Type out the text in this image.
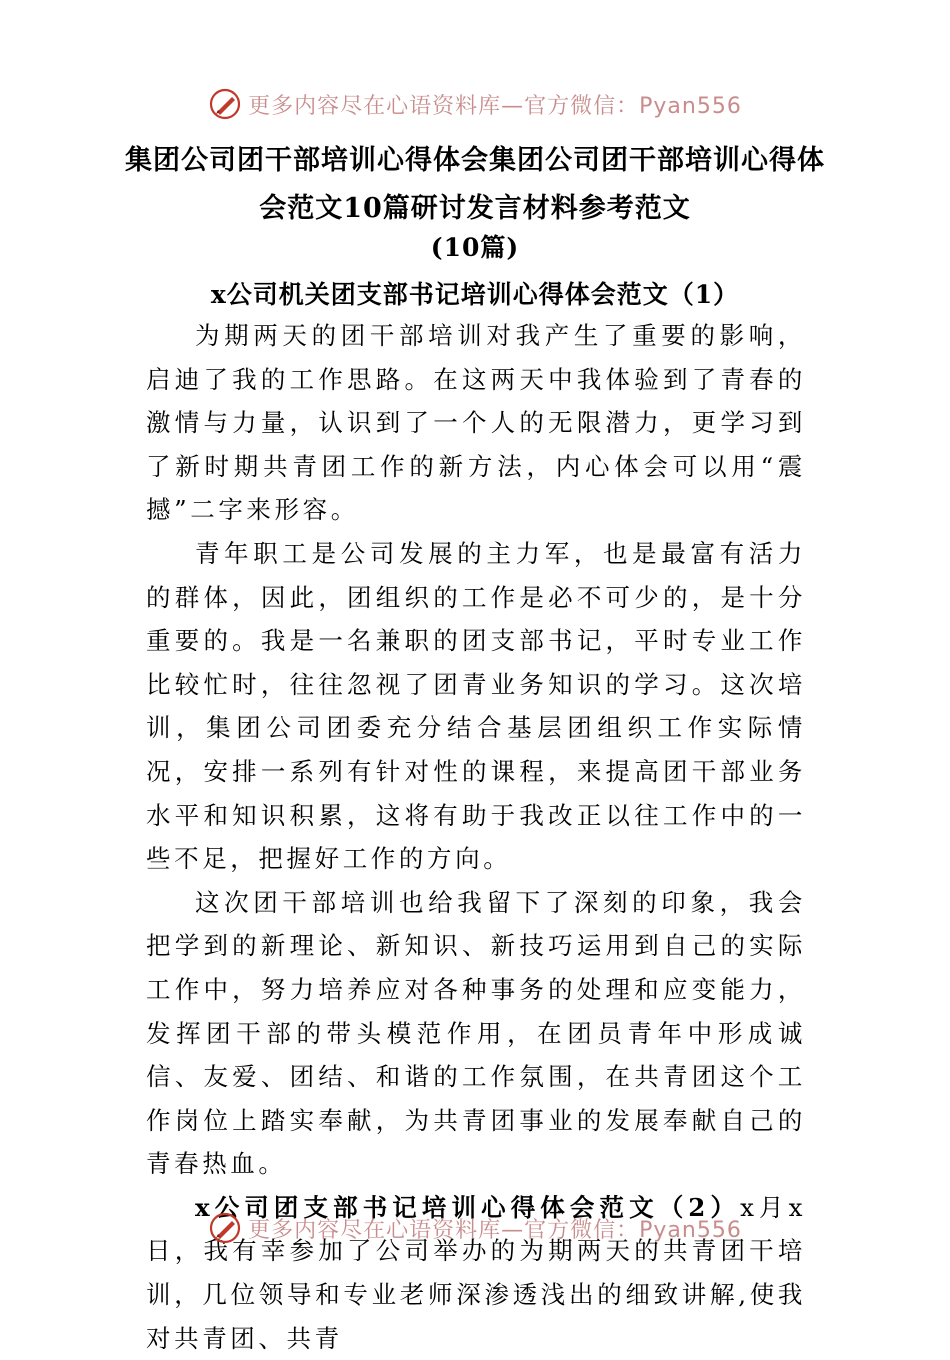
更多内容尽在心语资料库—官方微信：Pyan556
集团公司团干部培训心得体会集团公司团干部培训心得体
会范文10篇研讨发言材料参考范文
(10篇)
x公司机关团支部书记培训心得体会范文（1）

为期两天的团干部培训对我产生了重要的影响，启迪了我的工作思路。在这两天中我体验到了青春的激情与力量，认识到了一个人的无限潜力，更学习到了新时期共青团工作的新方法，内心体会可以用“震撼”二字来形容。

青年职工是公司发展的主力军，也是最富有活力的群体，因此，团组织的工作是必不可少的，是十分重要的。我是一名兼职的团支部书记，平时专业工作比较忙时，往往忽视了团青业务知识的学习。这次培训，集团公司团委充分结合基层团组织工作实际情况，安排一系列有针对性的课程，来提高团干部业务水平和知识积累，这将有助于我改正以往工作中的一些不足，把握好工作的方向。

这次团干部培训也给我留下了深刻的印象，我会把学到的新理论、新知识、新技巧运用到自己的实际工作中，努力培养应对各种事务的处理和应变能力，发挥团干部的带头模范作用，在团员青年中形成诚信、友爱、团结、和谐的工作氛围，在共青团这个工作岗位上踏实奉献，为共青团事业的发展奉献自己的青春热血。

x公司团支部书记培训心得体会范文（2）x月x日，我有幸参加了公司举办的为期两天的共青团干培训，几位领导和专业老师深渗透浅出的细致讲解,使我对共青团、共青

更多内容尽在心语资料库—官方微信：Pyan556
